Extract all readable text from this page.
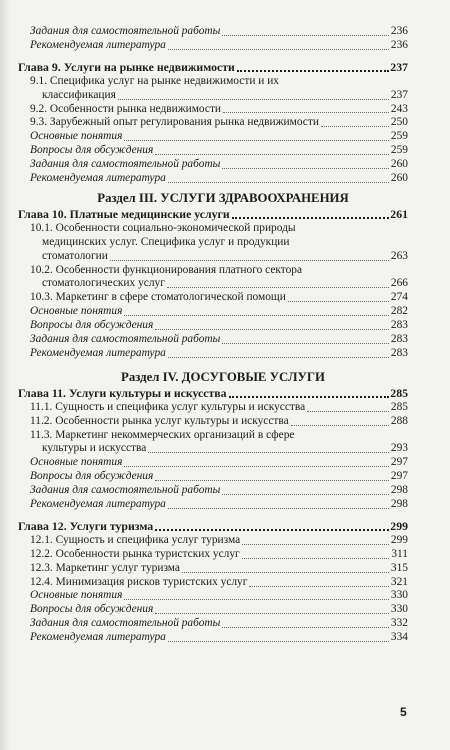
Задания для самостоятельной работы	236
Рекомендуемая литература	236
Глава 9. Услуги на рынке недвижимости	237
9.1. Специфика услуг на рынке недвижимости и их
классификация	237
9.2. Особенности рынка недвижимости	243
9.3. Зарубежный опыт регулирования рынка недвижимости	250
Основные понятия	259
Вопросы для обсуждения	259
Задания для самостоятельной работы	260
Рекомендуемая литература	260
Раздел III. УСЛУГИ ЗДРАВООХРАНЕНИЯ
Глава 10. Платные медицинские услуги	261
10.1. Особенности социально-экономической природы
медицинских услуг. Специфика услуг и продукции
стоматологии	263
10.2. Особенности функционирования платного сектора
стоматологических услуг	266
10.3. Маркетинг в сфере стоматологической помощи	274
Основные понятия	282
Вопросы для обсуждения	283
Задания для самостоятельной работы	283
Рекомендуемая литература	283
Раздел IV. ДОСУГОВЫЕ УСЛУГИ
Глава 11. Услуги культуры и искусства	285
11.1. Сущность и специфика услуг культуры и искусства	285
11.2. Особенности рынка услуг культуры и искусства	288
11.3. Маркетинг некоммерческих организаций в сфере
культуры и искусства	293
Основные понятия	297
Вопросы для обсуждения	297
Задания для самостоятельной работы	298
Рекомендуемая литература	298
Глава 12. Услуги туризма	299
12.1. Сущность и специфика услуг туризма	299
12.2. Особенности рынка туристских услуг	311
12.3. Маркетинг услуг туризма	315
12.4. Минимизация рисков туристских услуг	321
Основные понятия	330
Вопросы для обсуждения	330
Задания для самостоятельной работы	332
Рекомендуемая литература	334
5
